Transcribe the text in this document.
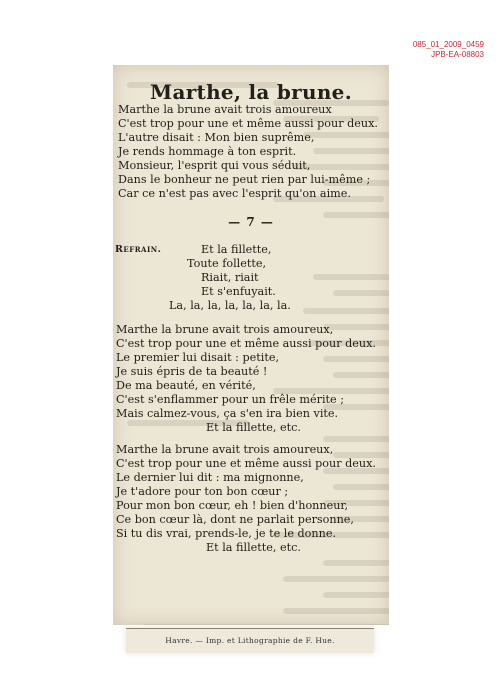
085_01_2009_0459
JPB-EA-08803

Marthe, la brune.
Marthe la brune avait trois amoureux
C'est trop pour une et même aussi pour deux.
L'autre disait : Mon bien suprême,
Je rends hommage à ton esprit.
Monsieur, l'esprit qui vous séduit,
Dans le bonheur ne peut rien par lui-même ;
Car ce n'est pas avec l'esprit qu'on aime.
— 7 —
Refrain.	Et la fillette,
Toute follette,
Riait, riait
Et s'enfuyait.
La, la, la, la, la, la, la.
Marthe la brune avait trois amoureux,
C'est trop pour une et même aussi pour deux.
Le premier lui disait : petite,
Je suis épris de ta beauté !
De ma beauté, en vérité,
C'est s'enflammer pour un frêle mérite ;
Mais calmez-vous, ça s'en ira bien vite.
Et la fillette, etc.
Marthe la brune avait trois amoureux,
C'est trop pour une et même aussi pour deux.
Le dernier lui dit : ma mignonne,
Je t'adore pour ton bon cœur ;
Pour mon bon cœur, eh ! bien d'honneur,
Ce bon cœur là, dont ne parlait personne,
Si tu dis vrai, prends-le, je te le donne.
Et la fillette, etc.
Havre. — Imp. et Lithographie de F. Hue.
